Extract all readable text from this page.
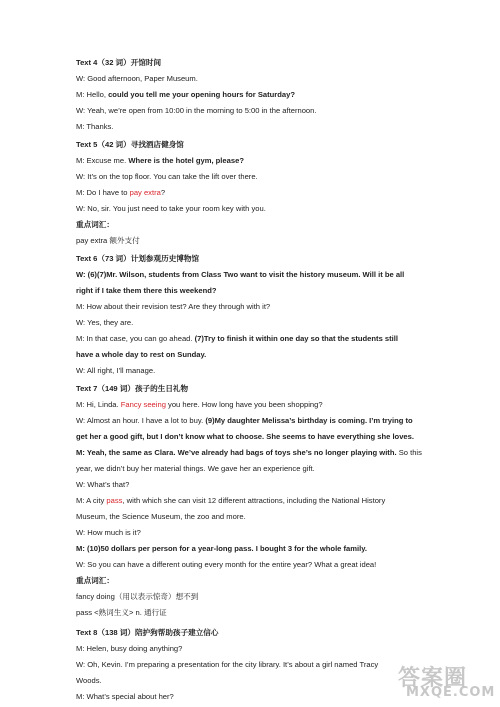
Text 4（32 词）开馆时间
W: Good afternoon, Paper Museum.
M: Hello, could you tell me your opening hours for Saturday?
W: Yeah, we’re open from 10:00 in the morning to 5:00 in the afternoon.
M: Thanks.
Text 5（42 词）寻找酒店健身馆
M: Excuse me. Where is the hotel gym, please?
W: It’s on the top floor. You can take the lift over there.
M: Do I have to pay extra?
W: No, sir. You just need to take your room key with you.
重点词汇：
pay extra 额外支付
Text 6（73 词）计划参观历史博物馆
W: (6)(7)Mr. Wilson, students from Class Two want to visit the history museum. Will it be all
right if I take them there this weekend?
M: How about their revision test? Are they through with it?
W: Yes, they are.
M: In that case, you can go ahead. (7)Try to finish it within one day so that the students still
have a whole day to rest on Sunday.
W: All right, I’ll manage.
Text 7（149 词）孩子的生日礼物
M: Hi, Linda. Fancy seeing you here. How long have you been shopping?
W: Almost an hour. I have a lot to buy. (9)My daughter Melissa’s birthday is coming. I’m trying to
get her a good gift, but I don’t know what to choose. She seems to have everything she loves.
M: Yeah, the same as Clara. We’ve already had bags of toys she’s no longer playing with. So this
year, we didn’t buy her material things. We gave her an experience gift.
W: What’s that?
M: A city pass, with which she can visit 12 different attractions, including the National History
Museum, the Science Museum, the zoo and more.
W: How much is it?
M: (10)50 dollars per person for a year-long pass. I bought 3 for the whole family.
W: So you can have a different outing every month for the entire year? What a great idea!
重点词汇：
fancy doing（用以表示惊奇）想不到
pass <熟词生义> n. 通行证
Text 8（138 词）陪护狗帮助孩子建立信心
M: Helen, busy doing anything?
W: Oh, Kevin. I’m preparing a presentation for the city library. It’s about a girl named Tracy
Woods.
M: What’s special about her?
答案圈
MXQE.COM
